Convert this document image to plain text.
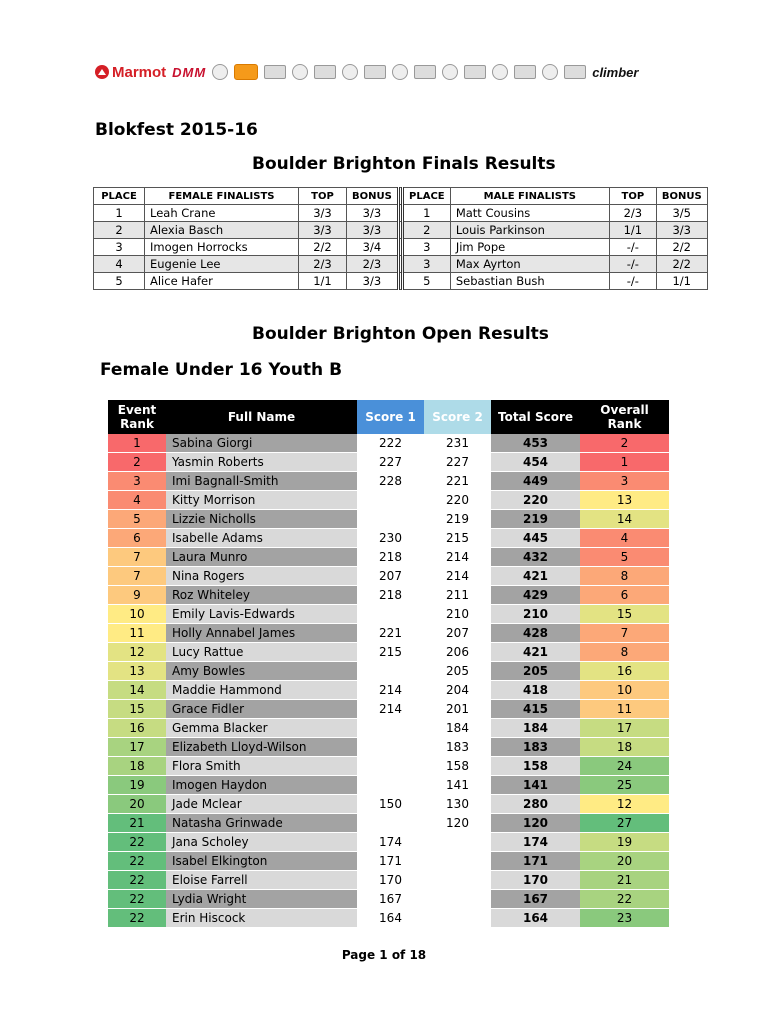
Marmot DMM	climber
Blokfest 2015-16
Boulder Brighton Finals Results
PLACE	FEMALE FINALISTS	TOP	BONUS		PLACE	MALE FINALISTS	TOP	BONUS
1	Leah Crane	3/3	3/3		1	Matt Cousins	2/3	3/5
2	Alexia Basch	3/3	3/3		2	Louis Parkinson	1/1	3/3
3	Imogen Horrocks	2/2	3/4		3	Jim Pope	-/-	2/2
4	Eugenie Lee	2/3	2/3		3	Max Ayrton	-/-	2/2
5	Alice Hafer	1/1	3/3		5	Sebastian Bush	-/-	1/1
Boulder Brighton Open Results
Female Under 16 Youth B
Event Rank	Full Name	Score 1	Score 2	Total Score	Overall Rank
1	Sabina Giorgi	222	231	453	2
2	Yasmin Roberts	227	227	454	1
3	Imi Bagnall-Smith	228	221	449	3
4	Kitty Morrison		220	220	13
5	Lizzie Nicholls		219	219	14
6	Isabelle Adams	230	215	445	4
7	Laura Munro	218	214	432	5
7	Nina Rogers	207	214	421	8
9	Roz Whiteley	218	211	429	6
10	Emily Lavis-Edwards		210	210	15
11	Holly Annabel James	221	207	428	7
12	Lucy Rattue	215	206	421	8
13	Amy Bowles		205	205	16
14	Maddie Hammond	214	204	418	10
15	Grace Fidler	214	201	415	11
16	Gemma Blacker		184	184	17
17	Elizabeth Lloyd-Wilson		183	183	18
18	Flora Smith		158	158	24
19	Imogen Haydon		141	141	25
20	Jade Mclear	150	130	280	12
21	Natasha Grinwade		120	120	27
22	Jana Scholey	174		174	19
22	Isabel Elkington	171		171	20
22	Eloise Farrell	170		170	21
22	Lydia Wright	167		167	22
22	Erin Hiscock	164		164	23
Page 1 of 18
